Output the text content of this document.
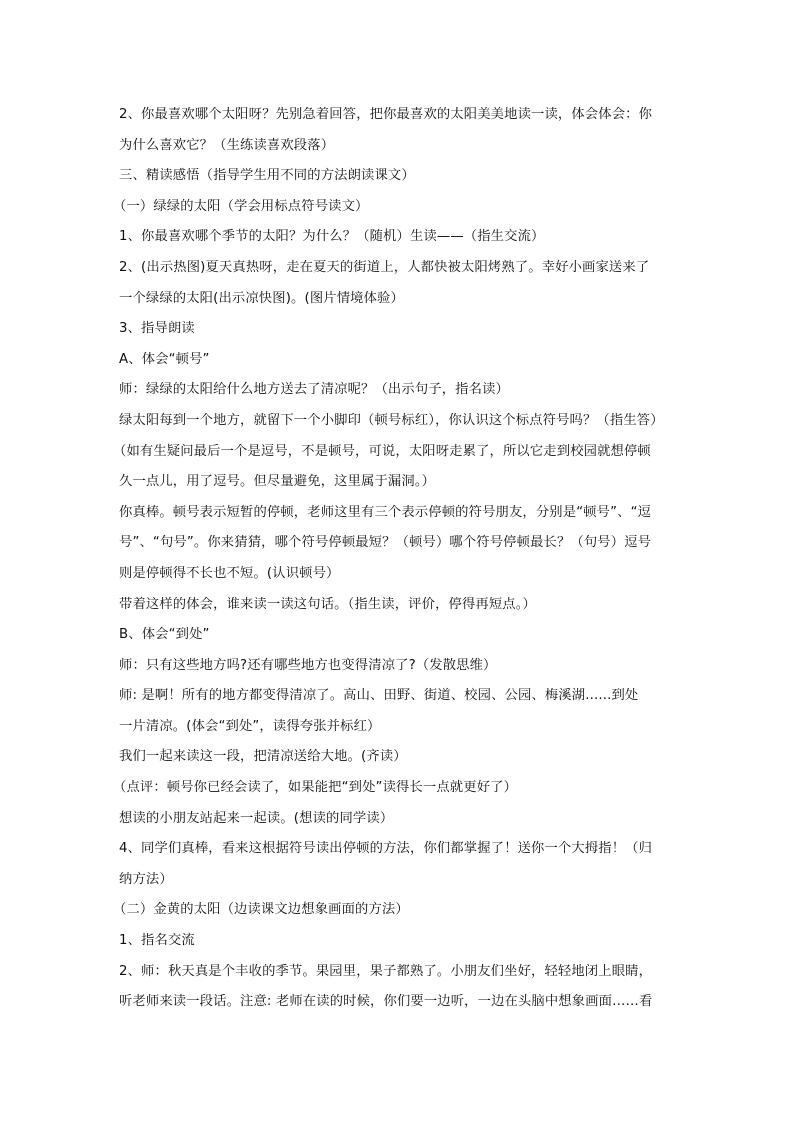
2、你最喜欢哪个太阳呀？先别急着回答，把你最喜欢的太阳美美地读一读，体会体会：你
为什么喜欢它？（生练读喜欢段落）
三、精读感悟（指导学生用不同的方法朗读课文）
（一）绿绿的太阳（学会用标点符号读文）
1、你最喜欢哪个季节的太阳？为什么？（随机）生读——（指生交流）
2、(出示热图)夏天真热呀，走在夏天的街道上，人都快被太阳烤熟了。幸好小画家送来了
一个绿绿的太阳(出示凉快图)。(图片情境体验）
3、指导朗读
A、体会“顿号”
师：绿绿的太阳给什么地方送去了清凉呢？（出示句子，指名读）
绿太阳每到一个地方，就留下一个小脚印（顿号标红），你认识这个标点符号吗？（指生答）
（如有生疑问最后一个是逗号，不是顿号，可说，太阳呀走累了，所以它走到校园就想停顿
久一点儿，用了逗号。但尽量避免，这里属于漏洞。）
你真棒。顿号表示短暂的停顿，老师这里有三个表示停顿的符号朋友，分别是“顿号”、“逗
号”、“句号”。你来猜猜，哪个符号停顿最短？（顿号）哪个符号停顿最长？（句号）逗号
则是停顿得不长也不短。(认识顿号）
带着这样的体会，谁来读一读这句话。（指生读，评价，停得再短点。）
B、体会“到处”
师：只有这些地方吗?还有哪些地方也变得清凉了?（发散思维）
师: 是啊！所有的地方都变得清凉了。高山、田野、街道、校园、公园、梅溪湖......到处
一片清凉。(体会“到处”，读得夸张并标红）
我们一起来读这一段，把清凉送给大地。(齐读）
（点评：顿号你已经会读了，如果能把“到处”读得长一点就更好了）
想读的小朋友站起来一起读。(想读的同学读）
4、同学们真棒，看来这根据符号读出停顿的方法，你们都掌握了！送你一个大拇指！（归
纳方法）
（二）金黄的太阳（边读课文边想象画面的方法）
1、指名交流
2、师：秋天真是个丰收的季节。果园里，果子都熟了。小朋友们坐好，轻轻地闭上眼睛，
听老师来读一段话。注意: 老师在读的时候，你们要一边听，一边在头脑中想象画面……看
